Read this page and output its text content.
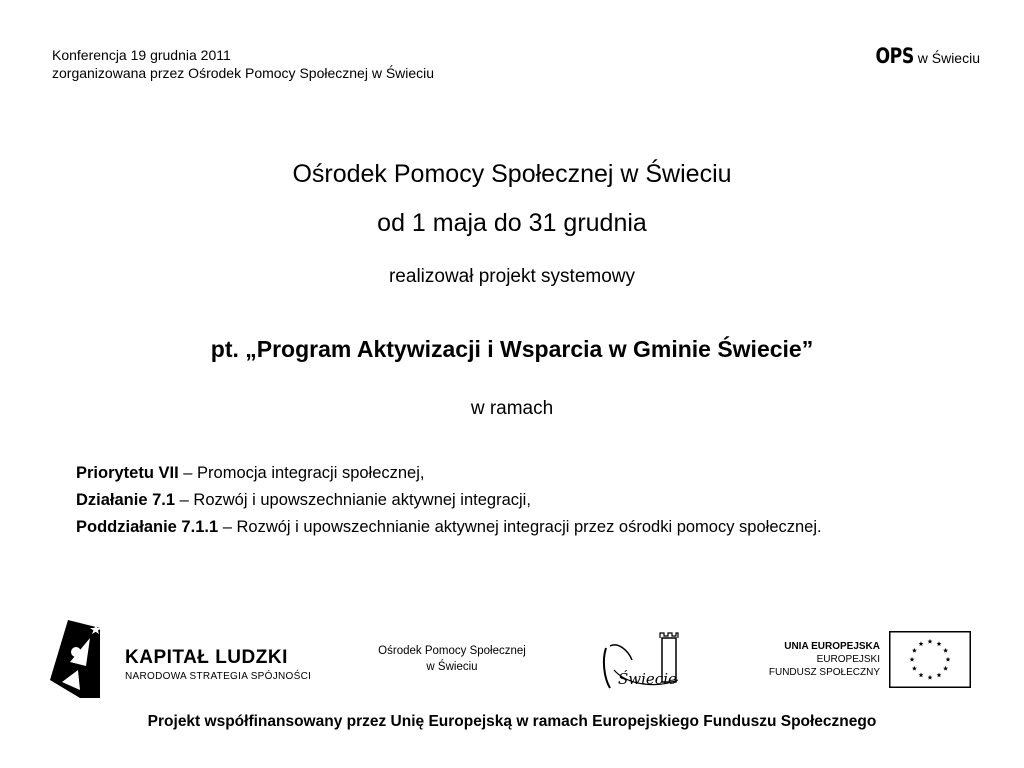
Konferencja 19 grudnia 2011
zorganizowana przez Ośrodek Pomocy Społecznej w Świeciu
OPS w Świeciu
Ośrodek Pomocy Społecznej w Świeciu
od 1 maja do 31 grudnia
realizował projekt systemowy
pt. „Program Aktywizacji i Wsparcia w Gminie Świecie”
w ramach
Priorytetu VII – Promocja integracji społecznej,
Działanie 7.1 – Rozwój i upowszechnianie aktywnej integracji,
Poddziałanie 7.1.1 – Rozwój i upowszechnianie aktywnej integracji przez ośrodki pomocy społecznej.
KAPITAŁ LUDZKI
NARODOWA STRATEGIA SPÓJNOŚCI
Ośrodek Pomocy Społecznej
w Świeciu
Świecie
UNIA EUROPEJSKA
EUROPEJSKI
FUNDUSZ SPOŁECZNY
Projekt współfinansowany przez Unię Europejską w ramach Europejskiego Funduszu Społecznego
